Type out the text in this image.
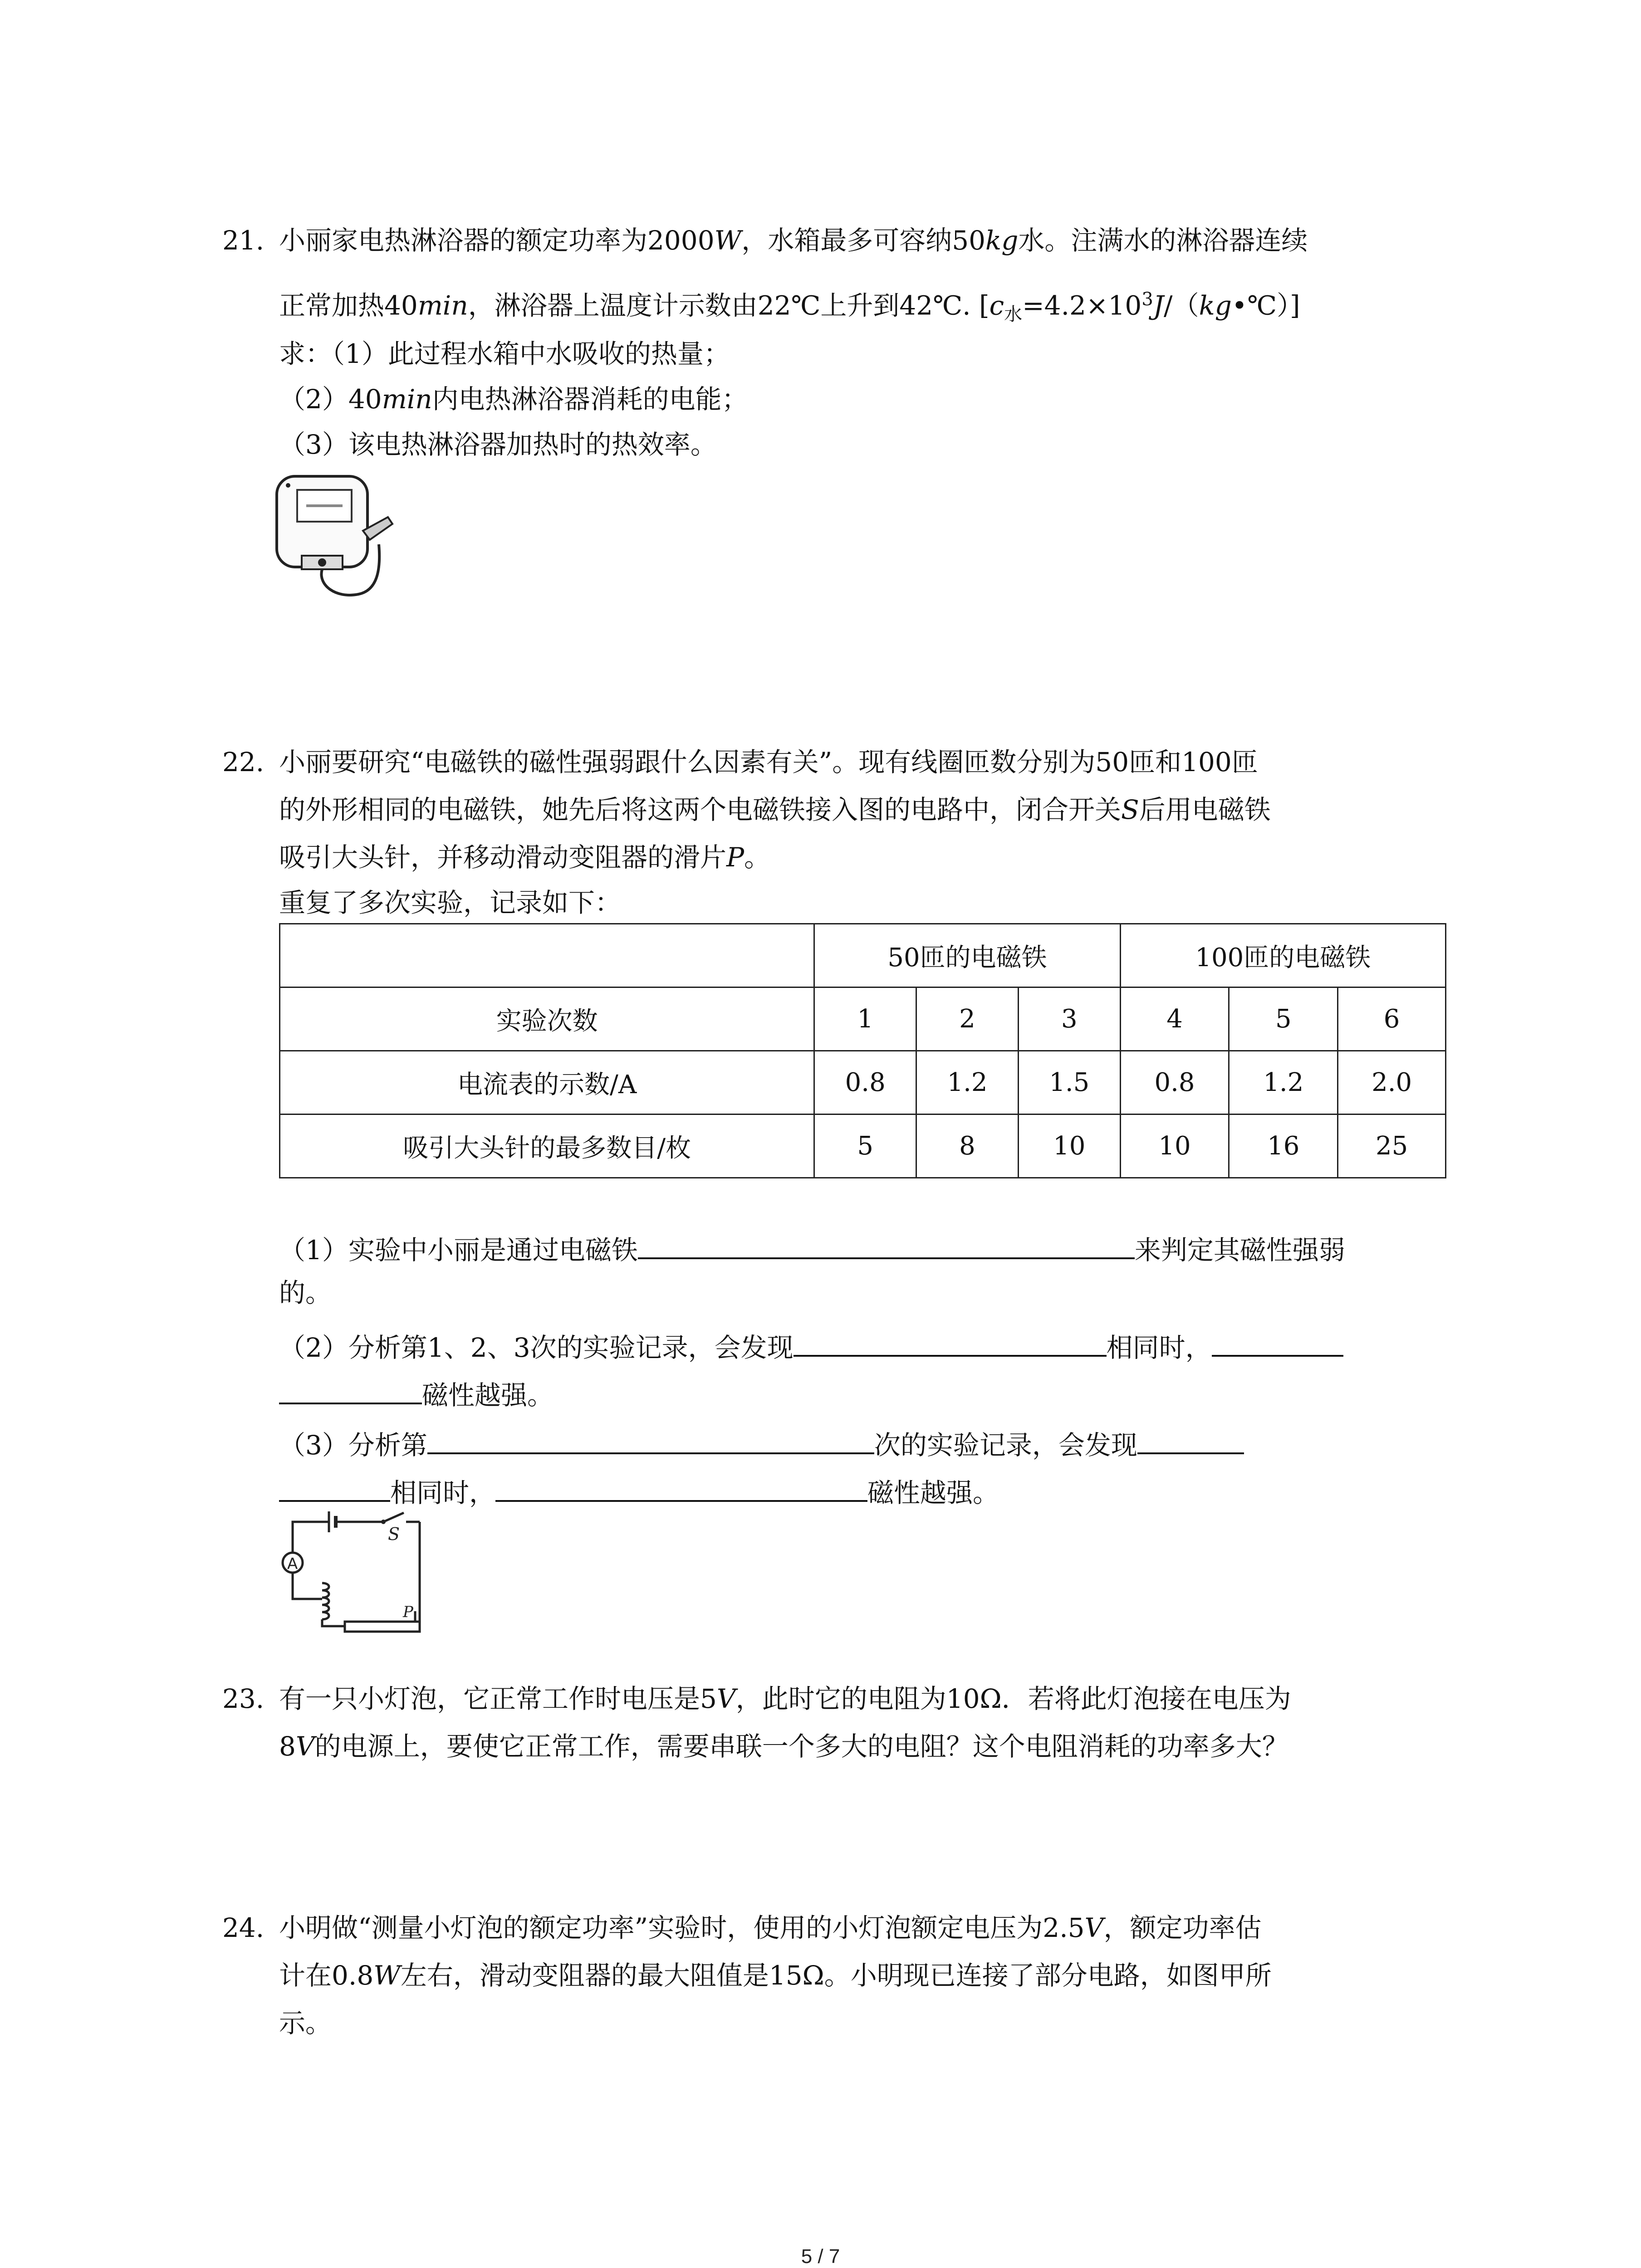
21. 小丽家电热淋浴器的额定功率为2000W，水箱最多可容纳50kg水。注满水的淋浴器连续
正常加热40min，淋浴器上温度计示数由22℃上升到42℃. $[c_水=4.2\times 10^3J/(kg•℃)]$
求：（1）此过程水箱中水吸收的热量；
（2）40min内电热淋浴器消耗的电能；
（3）该电热淋浴器加热时的热效率。
22. 小丽要研究“电磁铁的磁性强弱跟什么因素有关”。现有线圈匝数分别为50匝和100匝
的外形相同的电磁铁，她先后将这两个电磁铁接入图的电路中，闭合开关S后用电磁铁
吸引大头针，并移动滑动变阻器的滑片P。
重复了多次实验，记录如下：
	50匝的电磁铁			100匝的电磁铁		
实验次数	1	2	3	4	5	6
电流表的示数/A	0.8	1.2	1.5	0.8	1.2	2.0
吸引大头针的最多数目/枚	5	8	10	10	16	25
（1）实验中小丽是通过电磁铁	来判定其磁性强弱
的。
（2）分析第1、2、3次的实验记录，会发现	相同时，
磁性越强。
（3）分析第	次的实验记录，会发现
相同时，	磁性越强。
S
A
P
23. 有一只小灯泡，它正常工作时电压是5V，此时它的电阻为10Ω．若将此灯泡接在电压为
8V的电源上，要使它正常工作，需要串联一个多大的电阻？这个电阻消耗的功率多大？
24. 小明做“测量小灯泡的额定功率”实验时，使用的小灯泡额定电压为2.5V，额定功率估
计在0.8W左右，滑动变阻器的最大阻值是15Ω。小明现已连接了部分电路，如图甲所
示。
5 / 7
